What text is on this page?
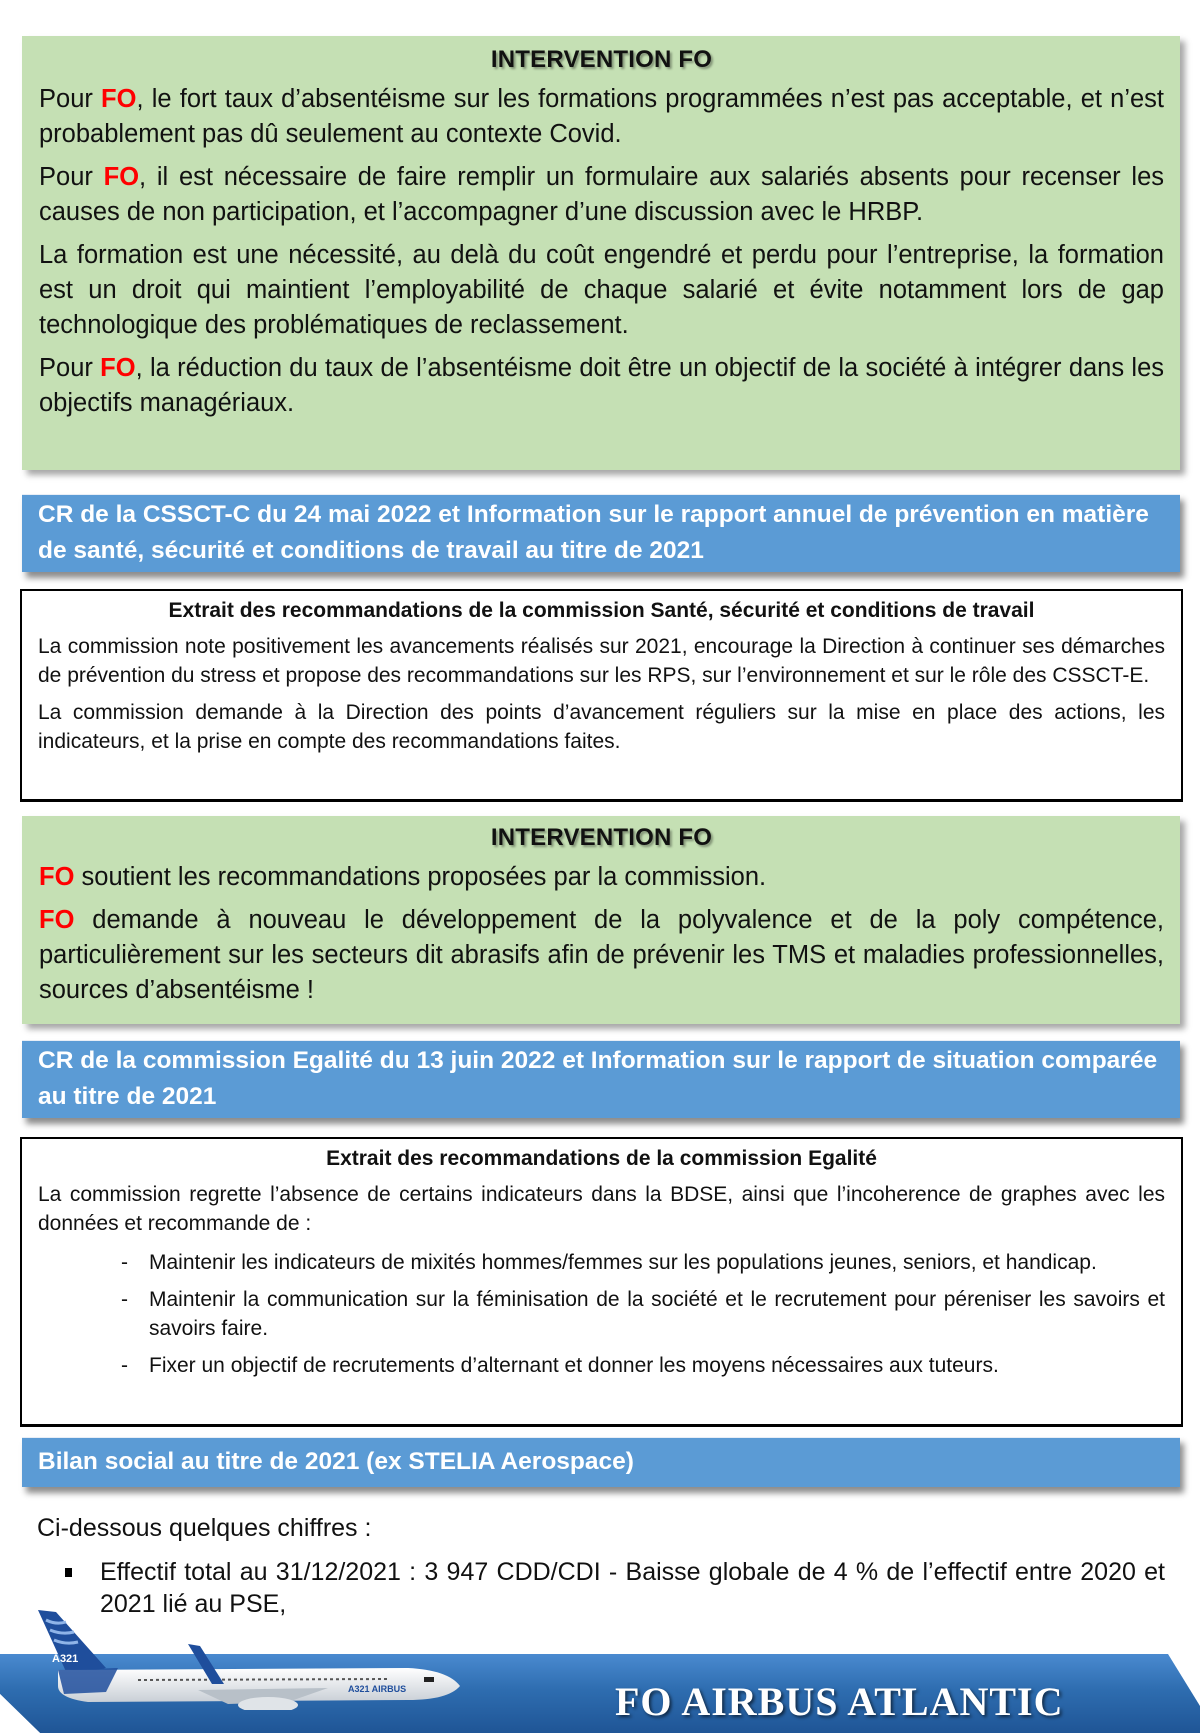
INTERVENTION FO

Pour FO, le fort taux d’absentéisme sur les formations programmées n’est pas acceptable, et n’est probablement pas dû seulement au contexte Covid.

Pour FO, il est nécessaire de faire remplir un formulaire aux salariés absents pour recenser les causes de non participation, et l’accompagner d’une discussion avec le HRBP.

La formation est une nécessité, au delà du coût engendré et perdu pour l’entreprise, la formation est un droit qui maintient l’employabilité de chaque salarié et évite notamment lors de gap technologique des problématiques de reclassement.

Pour FO, la réduction du taux de l’absentéisme doit être un objectif de la société à intégrer dans les objectifs managériaux.

CR de la CSSCT-C du 24 mai 2022 et Information sur le rapport annuel de prévention en matière de santé, sécurité et conditions de travail au titre de 2021
Extrait des recommandations de la commission Santé, sécurité et conditions de travail

La commission note positivement les avancements réalisés sur 2021, encourage la Direction à continuer ses démarches de prévention du stress et propose des recommandations sur les RPS, sur l’environnement et sur le rôle des CSSCT-E.

La commission demande à la Direction des points d’avancement réguliers sur la mise en place des actions, les indicateurs, et la prise en compte des recommandations faites.

INTERVENTION FO

FO soutient les recommandations proposées par la commission.

FO demande à nouveau le développement de la polyvalence et de la poly compétence, particulièrement sur les secteurs dit abrasifs afin de prévenir les TMS et maladies professionnelles, sources d’absentéisme !

CR de la commission Egalité du 13 juin 2022 et Information sur le rapport de situation comparée au titre de 2021
Extrait des recommandations de la commission Egalité

La commission regrette l’absence de certains indicateurs dans la BDSE, ainsi que l’incoherence de graphes avec les données et recommande de :

- Maintenir les indicateurs de mixités hommes/femmes sur les populations jeunes, seniors, et handicap.
- Maintenir la communication sur la féminisation de la société et le recrutement pour péreniser les savoirs et savoirs faire.
- Fixer un objectif de recrutements d’alternant et donner les moyens nécessaires aux tuteurs.
Bilan social au titre de 2021 (ex STELIA Aerospace)
Ci-dessous quelques chiffres :
Effectif total au 31/12/2021 : 3 947 CDD/CDI - Baisse globale de 4 % de l’effectif entre 2020 et 2021 lié au PSE,
A321
A321 AIRBUS	FO AIRBUS ATLANTIC
